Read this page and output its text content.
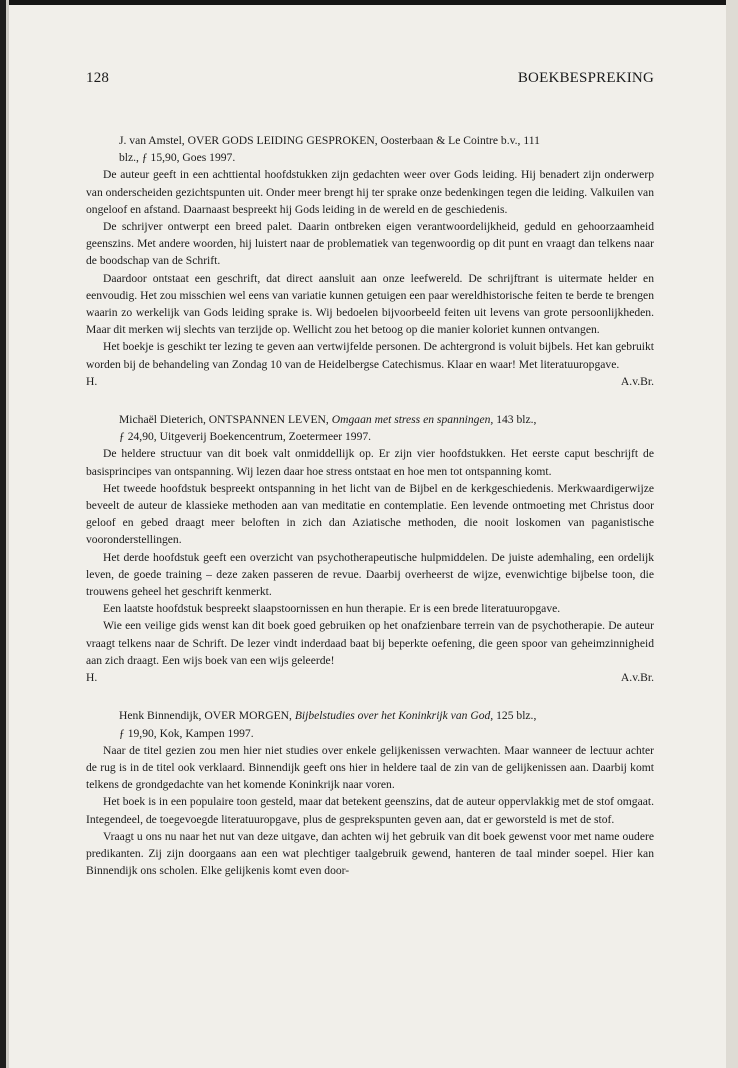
128	BOEKBESPREKING

J. van Amstel, OVER GODS LEIDING GESPROKEN, Oosterbaan & Le Cointre b.v., 111
blz., ƒ 15,90, Goes 1997.

De auteur geeft in een achttiental hoofdstukken zijn gedachten weer over Gods leiding. Hij benadert zijn onderwerp van onderscheiden gezichtspunten uit. Onder meer brengt hij ter sprake onze bedenkingen tegen die leiding. Valkuilen van ongeloof en afstand. Daarnaast bespreekt hij Gods leiding in de wereld en de geschiedenis.

De schrijver ontwerpt een breed palet. Daarin ontbreken eigen verantwoordelijkheid, geduld en gehoorzaamheid geenszins. Met andere woorden, hij luistert naar de problematiek van tegenwoordig op dit punt en vraagt dan telkens naar de boodschap van de Schrift.

Daardoor ontstaat een geschrift, dat direct aansluit aan onze leefwereld. De schrijftrant is uitermate helder en eenvoudig. Het zou misschien wel eens van variatie kunnen getuigen een paar wereldhistorische feiten te berde te brengen waarin zo werkelijk van Gods leiding sprake is. Wij bedoelen bijvoorbeeld feiten uit levens van grote persoonlijkheden. Maar dit merken wij slechts van terzijde op. Wellicht zou het betoog op die manier koloriet kunnen ontvangen.

Het boekje is geschikt ter lezing te geven aan vertwijfelde personen. De achtergrond is voluit bijbels. Het kan gebruikt worden bij de behandeling van Zondag 10 van de Heidelbergse Catechismus. Klaar en waar! Met literatuuropgave.

H.	A.v.Br.

Michaël Dieterich, ONTSPANNEN LEVEN, Omgaan met stress en spanningen, 143 blz.,
ƒ 24,90, Uitgeverij Boekencentrum, Zoetermeer 1997.

De heldere structuur van dit boek valt onmiddellijk op. Er zijn vier hoofdstukken. Het eerste caput beschrijft de basisprincipes van ontspanning. Wij lezen daar hoe stress ontstaat en hoe men tot ontspanning komt.

Het tweede hoofdstuk bespreekt ontspanning in het licht van de Bijbel en de kerkgeschiedenis. Merkwaardigerwijze beveelt de auteur de klassieke methoden aan van meditatie en contemplatie. Een levende ontmoeting met Christus door geloof en gebed draagt meer beloften in zich dan Aziatische methoden, die nooit loskomen van paganistische vooronderstellingen.

Het derde hoofdstuk geeft een overzicht van psychotherapeutische hulpmiddelen. De juiste ademhaling, een ordelijk leven, de goede training – deze zaken passeren de revue. Daarbij overheerst de wijze, evenwichtige bijbelse toon, die trouwens geheel het geschrift kenmerkt.

Een laatste hoofdstuk bespreekt slaapstoornissen en hun therapie. Er is een brede literatuuropgave.

Wie een veilige gids wenst kan dit boek goed gebruiken op het onafzienbare terrein van de psychotherapie. De auteur vraagt telkens naar de Schrift. De lezer vindt inderdaad baat bij beperkte oefening, die geen spoor van geheimzinnigheid aan zich draagt. Een wijs boek van een wijs geleerde!

H.	A.v.Br.

Henk Binnendijk, OVER MORGEN, Bijbelstudies over het Koninkrijk van God, 125 blz.,
ƒ 19,90, Kok, Kampen 1997.

Naar de titel gezien zou men hier niet studies over enkele gelijkenissen verwachten. Maar wanneer de lectuur achter de rug is in de titel ook verklaard. Binnendijk geeft ons hier in heldere taal de zin van de gelijkenissen aan. Daarbij komt telkens de grondgedachte van het komende Koninkrijk naar voren.

Het boek is in een populaire toon gesteld, maar dat betekent geenszins, dat de auteur oppervlakkig met de stof omgaat. Integendeel, de toegevoegde literatuuropgave, plus de gesprekspunten geven aan, dat er geworsteld is met de stof.

Vraagt u ons nu naar het nut van deze uitgave, dan achten wij het gebruik van dit boek gewenst voor met name oudere predikanten. Zij zijn doorgaans aan een wat plechtiger taalgebruik gewend, hanteren de taal minder soepel. Hier kan Binnendijk ons scholen. Elke gelijkenis komt even door-
